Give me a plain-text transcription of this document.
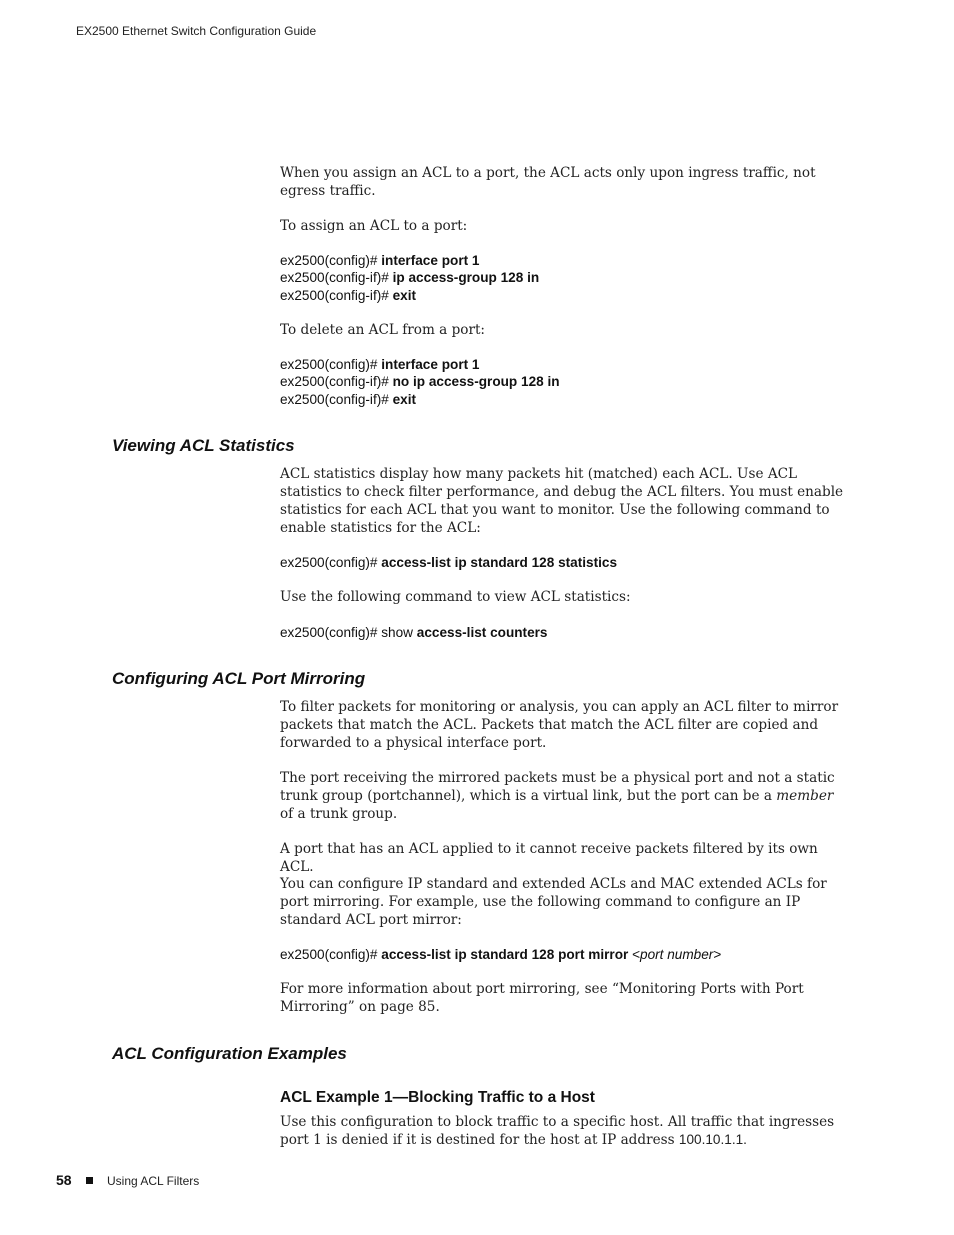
EX2500 Ethernet Switch Configuration Guide

When you assign an ACL to a port, the ACL acts only upon ingress traffic, not egress traffic.

To assign an ACL to a port:

ex2500(config)# interface port 1
ex2500(config-if)# ip access-group 128 in
ex2500(config-if)# exit

To delete an ACL from a port:

ex2500(config)# interface port 1
ex2500(config-if)# no ip access-group 128 in
ex2500(config-if)# exit
Viewing ACL Statistics

ACL statistics display how many packets hit (matched) each ACL. Use ACL statistics to check filter performance, and debug the ACL filters. You must enable statistics for each ACL that you want to monitor. Use the following command to enable statistics for the ACL:

ex2500(config)# access-list ip standard 128 statistics

Use the following command to view ACL statistics:

ex2500(config)# show access-list counters
Configuring ACL Port Mirroring

To filter packets for monitoring or analysis, you can apply an ACL filter to mirror packets that match the ACL. Packets that match the ACL filter are copied and forwarded to a physical interface port.

The port receiving the mirrored packets must be a physical port and not a static trunk group (portchannel), which is a virtual link, but the port can be a member of a trunk group.

A port that has an ACL applied to it cannot receive packets filtered by its own ACL.

You can configure IP standard and extended ACLs and MAC extended ACLs for port mirroring. For example, use the following command to configure an IP standard ACL port mirror:

ex2500(config)# access-list ip standard 128 port mirror <port number>

For more information about port mirroring, see “Monitoring Ports with Port Mirroring” on page 85.

ACL Configuration Examples
ACL Example 1—Blocking Traffic to a Host

Use this configuration to block traffic to a specific host. All traffic that ingresses port 1 is denied if it is destined for the host at IP address 100.10.1.1.

58	Using ACL Filters
